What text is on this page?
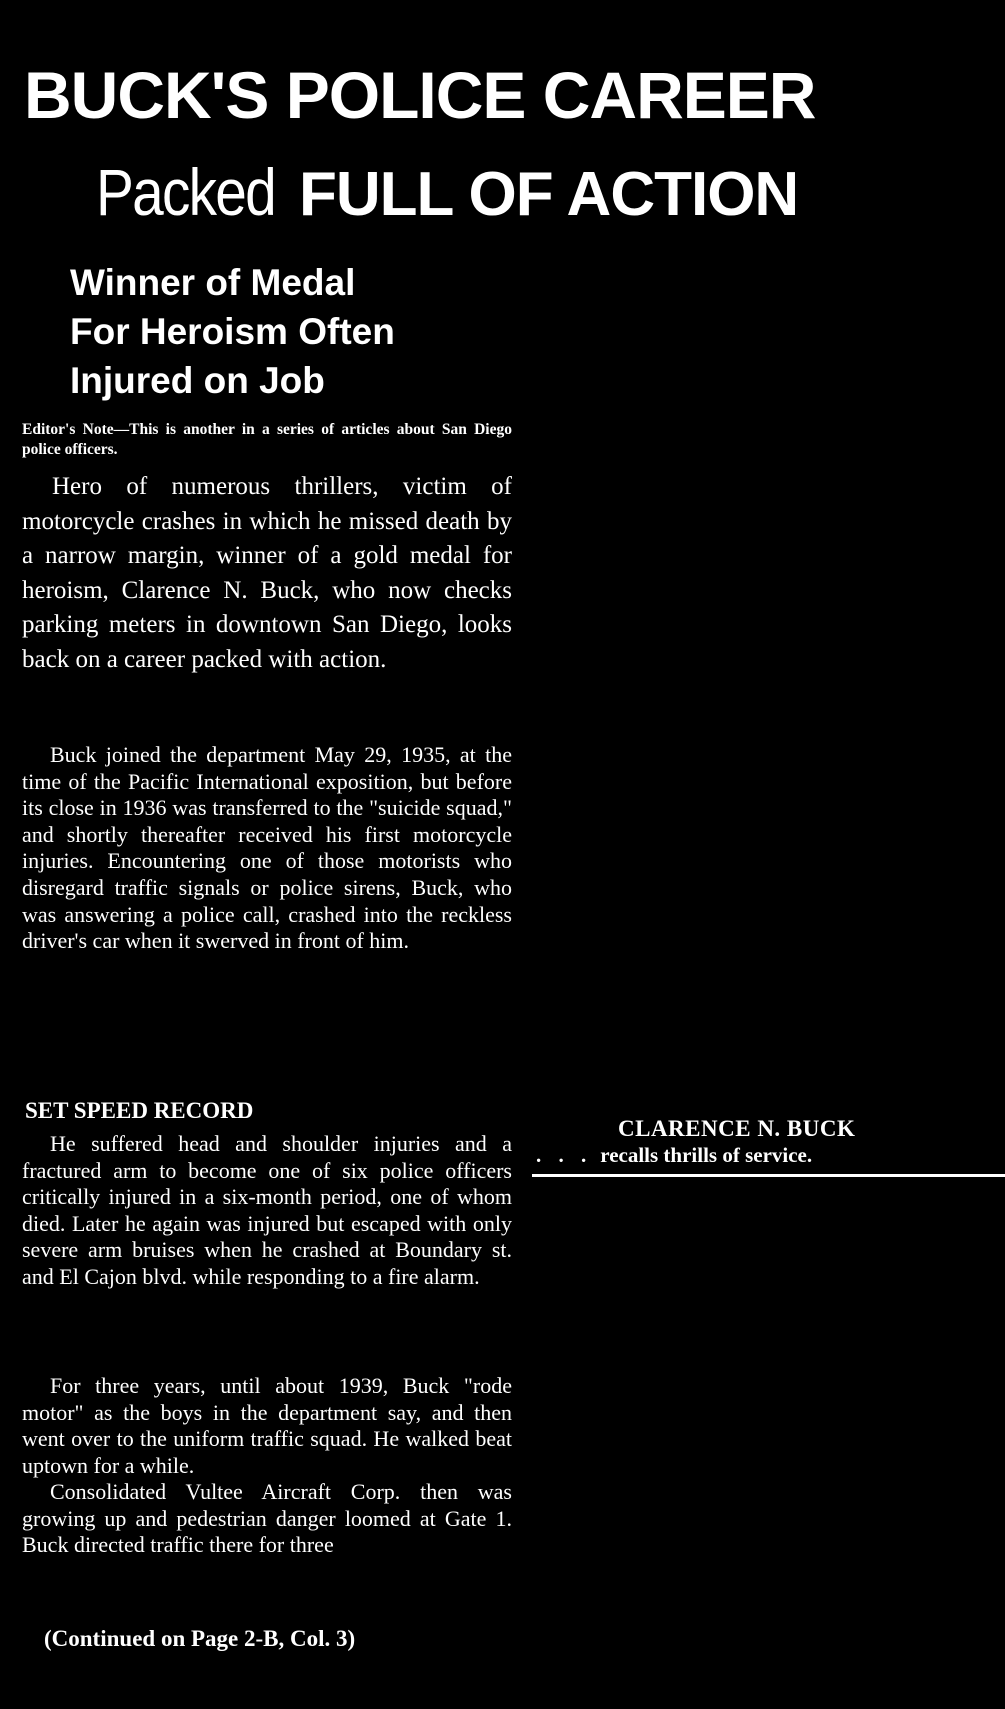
BUCK'S POLICE CAREER
Packed FULL OF ACTION
Winner of Medal
For Heroism Often
Injured on Job

Editor's Note—This is another in a series of articles about San Diego police officers.

Hero of numerous thrillers, victim of motorcycle crashes in which he missed death by a narrow margin, winner of a gold medal for heroism, Clarence N. Buck, who now checks parking meters in downtown San Diego, looks back on a career packed with action.

Buck joined the department May 29, 1935, at the time of the Pacific International exposition, but before its close in 1936 was transferred to the "suicide squad," and shortly thereafter received his first motorcycle injuries. Encountering one of those motorists who disregard traffic signals or police sirens, Buck, who was answering a police call, crashed into the reckless driver's car when it swerved in front of him.

SET SPEED RECORD

He suffered head and shoulder injuries and a fractured arm to become one of six police officers critically injured in a six-month period, one of whom died. Later he again was injured but escaped with only severe arm bruises when he crashed at Boundary st. and El Cajon blvd. while responding to a fire alarm.

For three years, until about 1939, Buck "rode motor" as the boys in the department say, and then went over to the uniform traffic squad. He walked beat uptown for a while.

Consolidated Vultee Aircraft Corp. then was growing up and pedestrian danger loomed at Gate 1. Buck directed traffic there for three

(Continued on Page 2-B, Col. 3)

CLARENCE N. BUCK
. . . recalls thrills of service.
